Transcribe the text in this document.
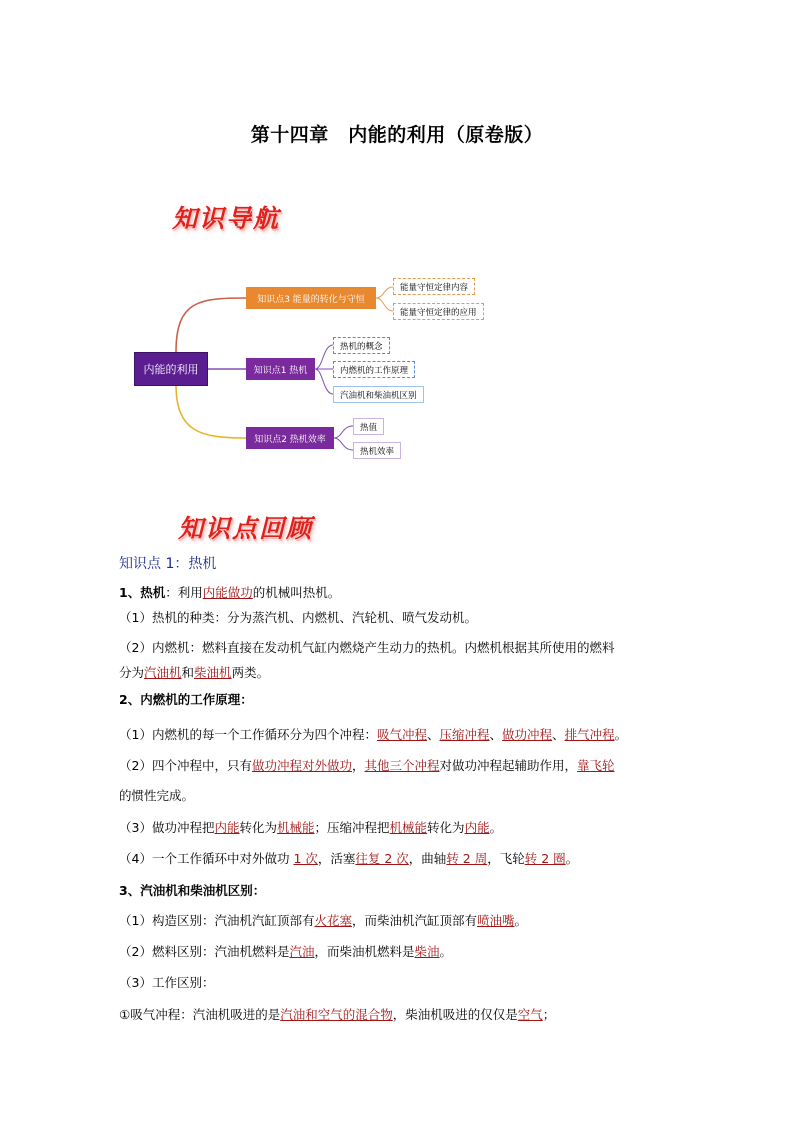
第十四章　内能的利用（原卷版）
知识导航
内能的利用
知识点3 能量的转化与守恒
知识点1 热机
知识点2 热机效率
能量守恒定律内容
能量守恒定律的应用
热机的概念
内燃机的工作原理
汽油机和柴油机区别
热值
热机效率
知识点回顾
知识点 1：热机
1、热机：利用内能做功的机械叫热机。
（1）热机的种类：分为蒸汽机、内燃机、汽轮机、喷气发动机。
（2）内燃机：燃料直接在发动机气缸内燃烧产生动力的热机。内燃机根据其所使用的燃料
分为汽油机和柴油机两类。
2、内燃机的工作原理：
（1）内燃机的每一个工作循环分为四个冲程：吸气冲程、压缩冲程、做功冲程、排气冲程。
（2）四个冲程中，只有做功冲程对外做功，其他三个冲程对做功冲程起辅助作用，靠飞轮
的惯性完成。
（3）做功冲程把内能转化为机械能；压缩冲程把机械能转化为内能。
（4）一个工作循环中对外做功 1 次，活塞往复 2 次，曲轴转 2 周，飞轮转 2 圈。
3、汽油机和柴油机区别：
（1）构造区别：汽油机汽缸顶部有火花塞，而柴油机汽缸顶部有喷油嘴。
（2）燃料区别：汽油机燃料是汽油，而柴油机燃料是柴油。
（3）工作区别：
①吸气冲程：汽油机吸进的是汽油和空气的混合物，柴油机吸进的仅仅是空气；
